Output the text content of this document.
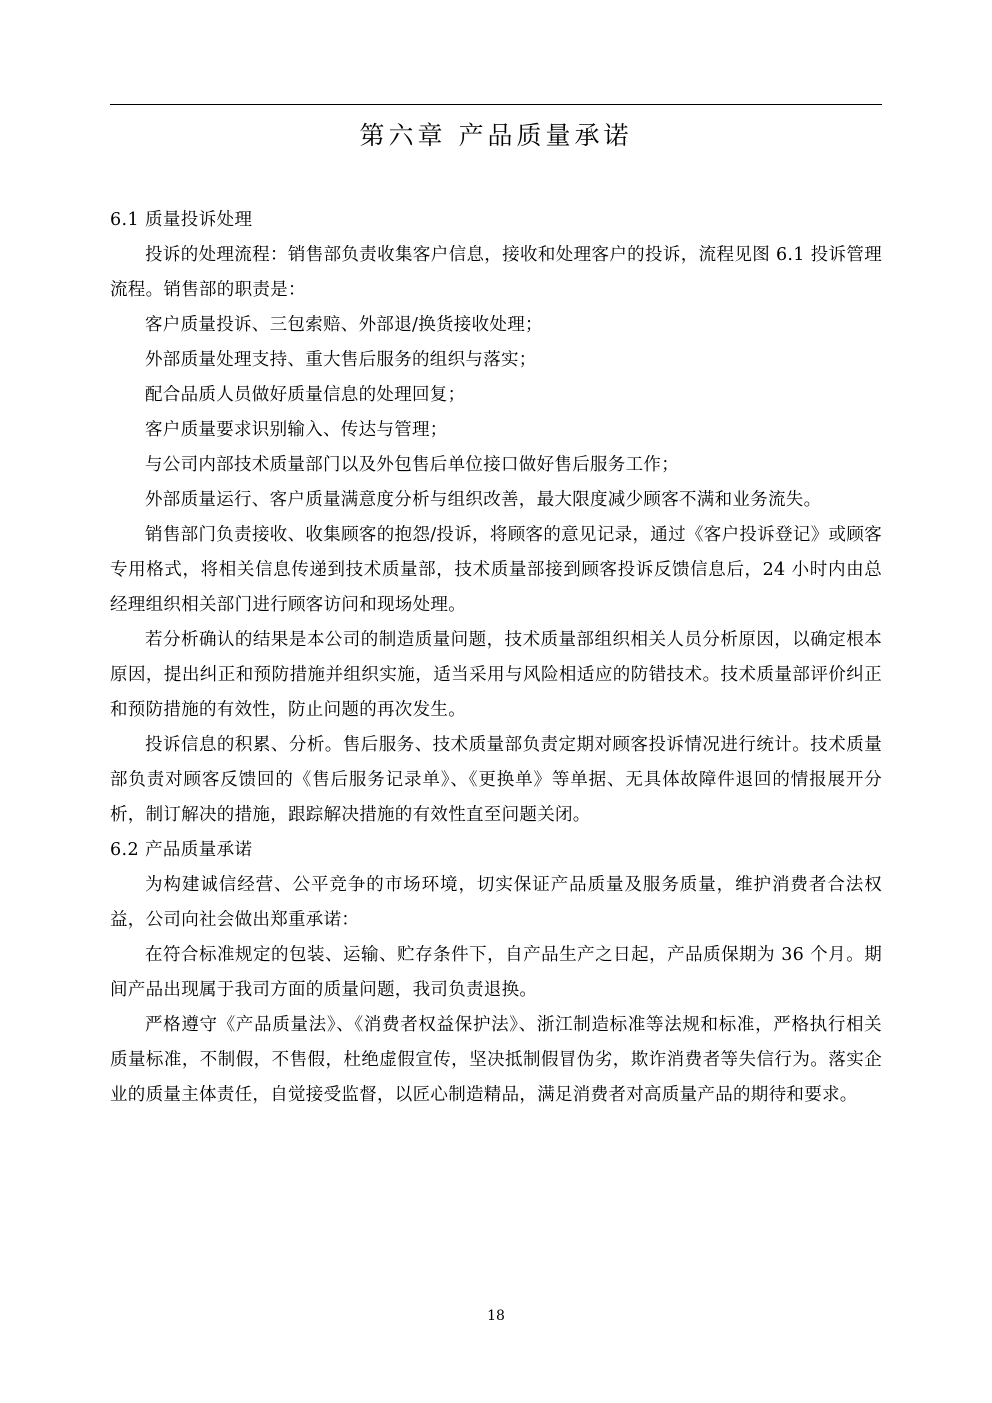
第六章 产品质量承诺

6.1 质量投诉处理

投诉的处理流程：销售部负责收集客户信息，接收和处理客户的投诉，流程见图 6.1 投诉管理流程。销售部的职责是：

客户质量投诉、三包索赔、外部退/换货接收处理；

外部质量处理支持、重大售后服务的组织与落实；

配合品质人员做好质量信息的处理回复；

客户质量要求识别输入、传达与管理；

与公司内部技术质量部门以及外包售后单位接口做好售后服务工作；

外部质量运行、客户质量满意度分析与组织改善，最大限度减少顾客不满和业务流失。

销售部门负责接收、收集顾客的抱怨/投诉，将顾客的意见记录，通过《客户投诉登记》或顾客专用格式，将相关信息传递到技术质量部，技术质量部接到顾客投诉反馈信息后，24 小时内由总经理组织相关部门进行顾客访问和现场处理。

若分析确认的结果是本公司的制造质量问题，技术质量部组织相关人员分析原因，以确定根本原因，提出纠正和预防措施并组织实施，适当采用与风险相适应的防错技术。技术质量部评价纠正和预防措施的有效性，防止问题的再次发生。

投诉信息的积累、分析。售后服务、技术质量部负责定期对顾客投诉情况进行统计。技术质量部负责对顾客反馈回的《售后服务记录单》、《更换单》等单据、无具体故障件退回的情报展开分析，制订解决的措施，跟踪解决措施的有效性直至问题关闭。

6.2 产品质量承诺

为构建诚信经营、公平竞争的市场环境，切实保证产品质量及服务质量，维护消费者合法权益，公司向社会做出郑重承诺：

在符合标准规定的包装、运输、贮存条件下，自产品生产之日起，产品质保期为 36 个月。期间产品出现属于我司方面的质量问题，我司负责退换。

严格遵守《产品质量法》、《消费者权益保护法》、浙江制造标准等法规和标准，严格执行相关质量标准，不制假，不售假，杜绝虚假宣传，坚决抵制假冒伪劣，欺诈消费者等失信行为。落实企业的质量主体责任，自觉接受监督，以匠心制造精品，满足消费者对高质量产品的期待和要求。

18
